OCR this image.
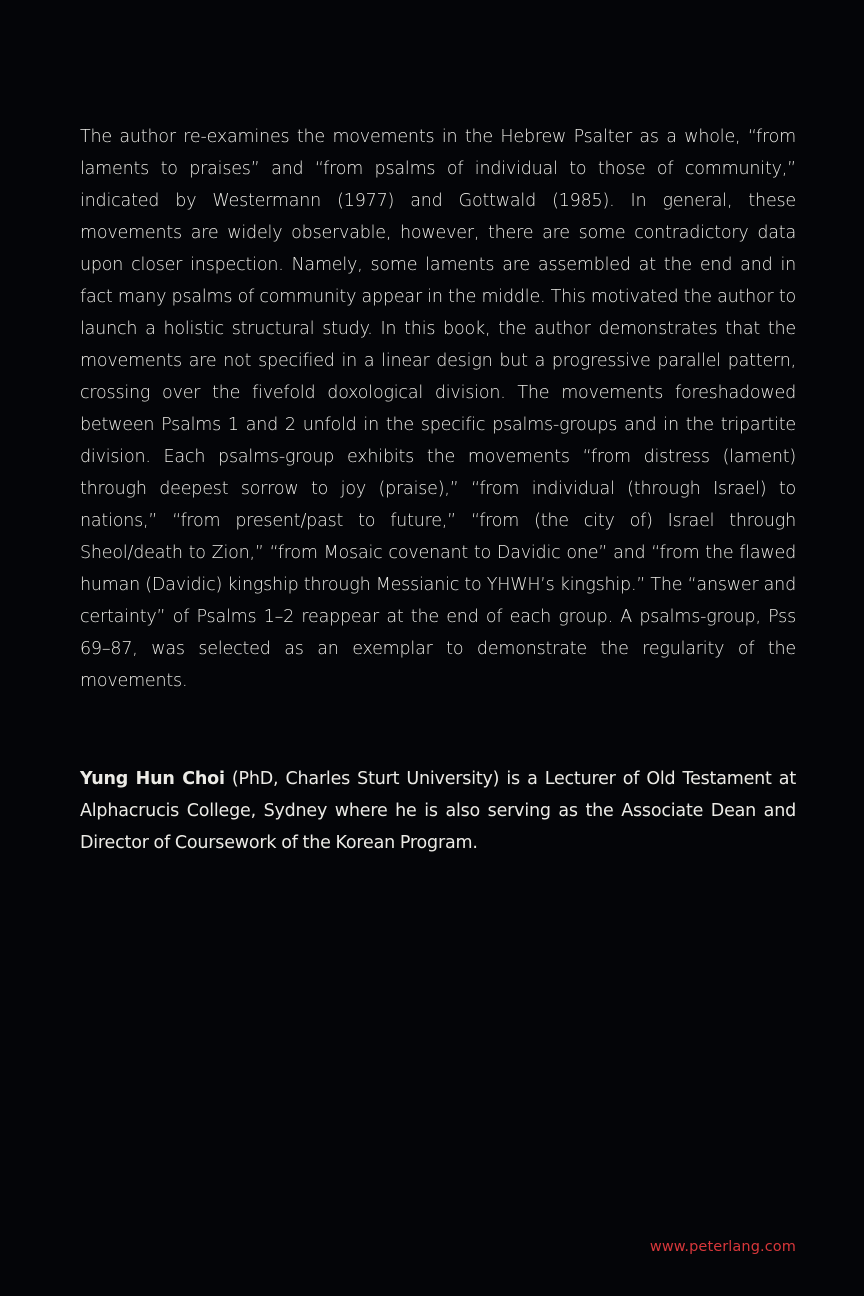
The author re-examines the movements in the Hebrew Psalter as a whole, “from laments to praises” and “from psalms of individual to those of community,” indicated by Westermann (1977) and Gottwald (1985). In general, these movements are widely observable, however, there are some contradictory data upon closer inspection. Namely, some laments are assembled at the end and in fact many psalms of community appear in the middle. This motivated the author to launch a holistic structural study. In this book, the author demonstrates that the movements are not specified in a linear design but a progressive parallel pattern, crossing over the fivefold doxological division. The movements foreshadowed between Psalms 1 and 2 unfold in the specific psalms-groups and in the tripartite division. Each psalms-group exhibits the movements “from distress (lament) through deepest sorrow to joy (praise),” “from individual (through Israel) to nations,” “from present/past to future,” “from (the city of) Israel through Sheol/death to Zion,” “from Mosaic covenant to Davidic one” and “from the flawed human (Davidic) kingship through Messianic to YHWH’s kingship.” The “answer and certainty” of Psalms 1–2 reappear at the end of each group. A psalms-group, Pss 69–87, was selected as an exemplar to demonstrate the regularity of the movements.

Yung Hun Choi (PhD, Charles Sturt University) is a Lecturer of Old Testament at Alphacrucis College, Sydney where he is also serving as the Associate Dean and Director of Coursework of the Korean Program.

www.peterlang.com
